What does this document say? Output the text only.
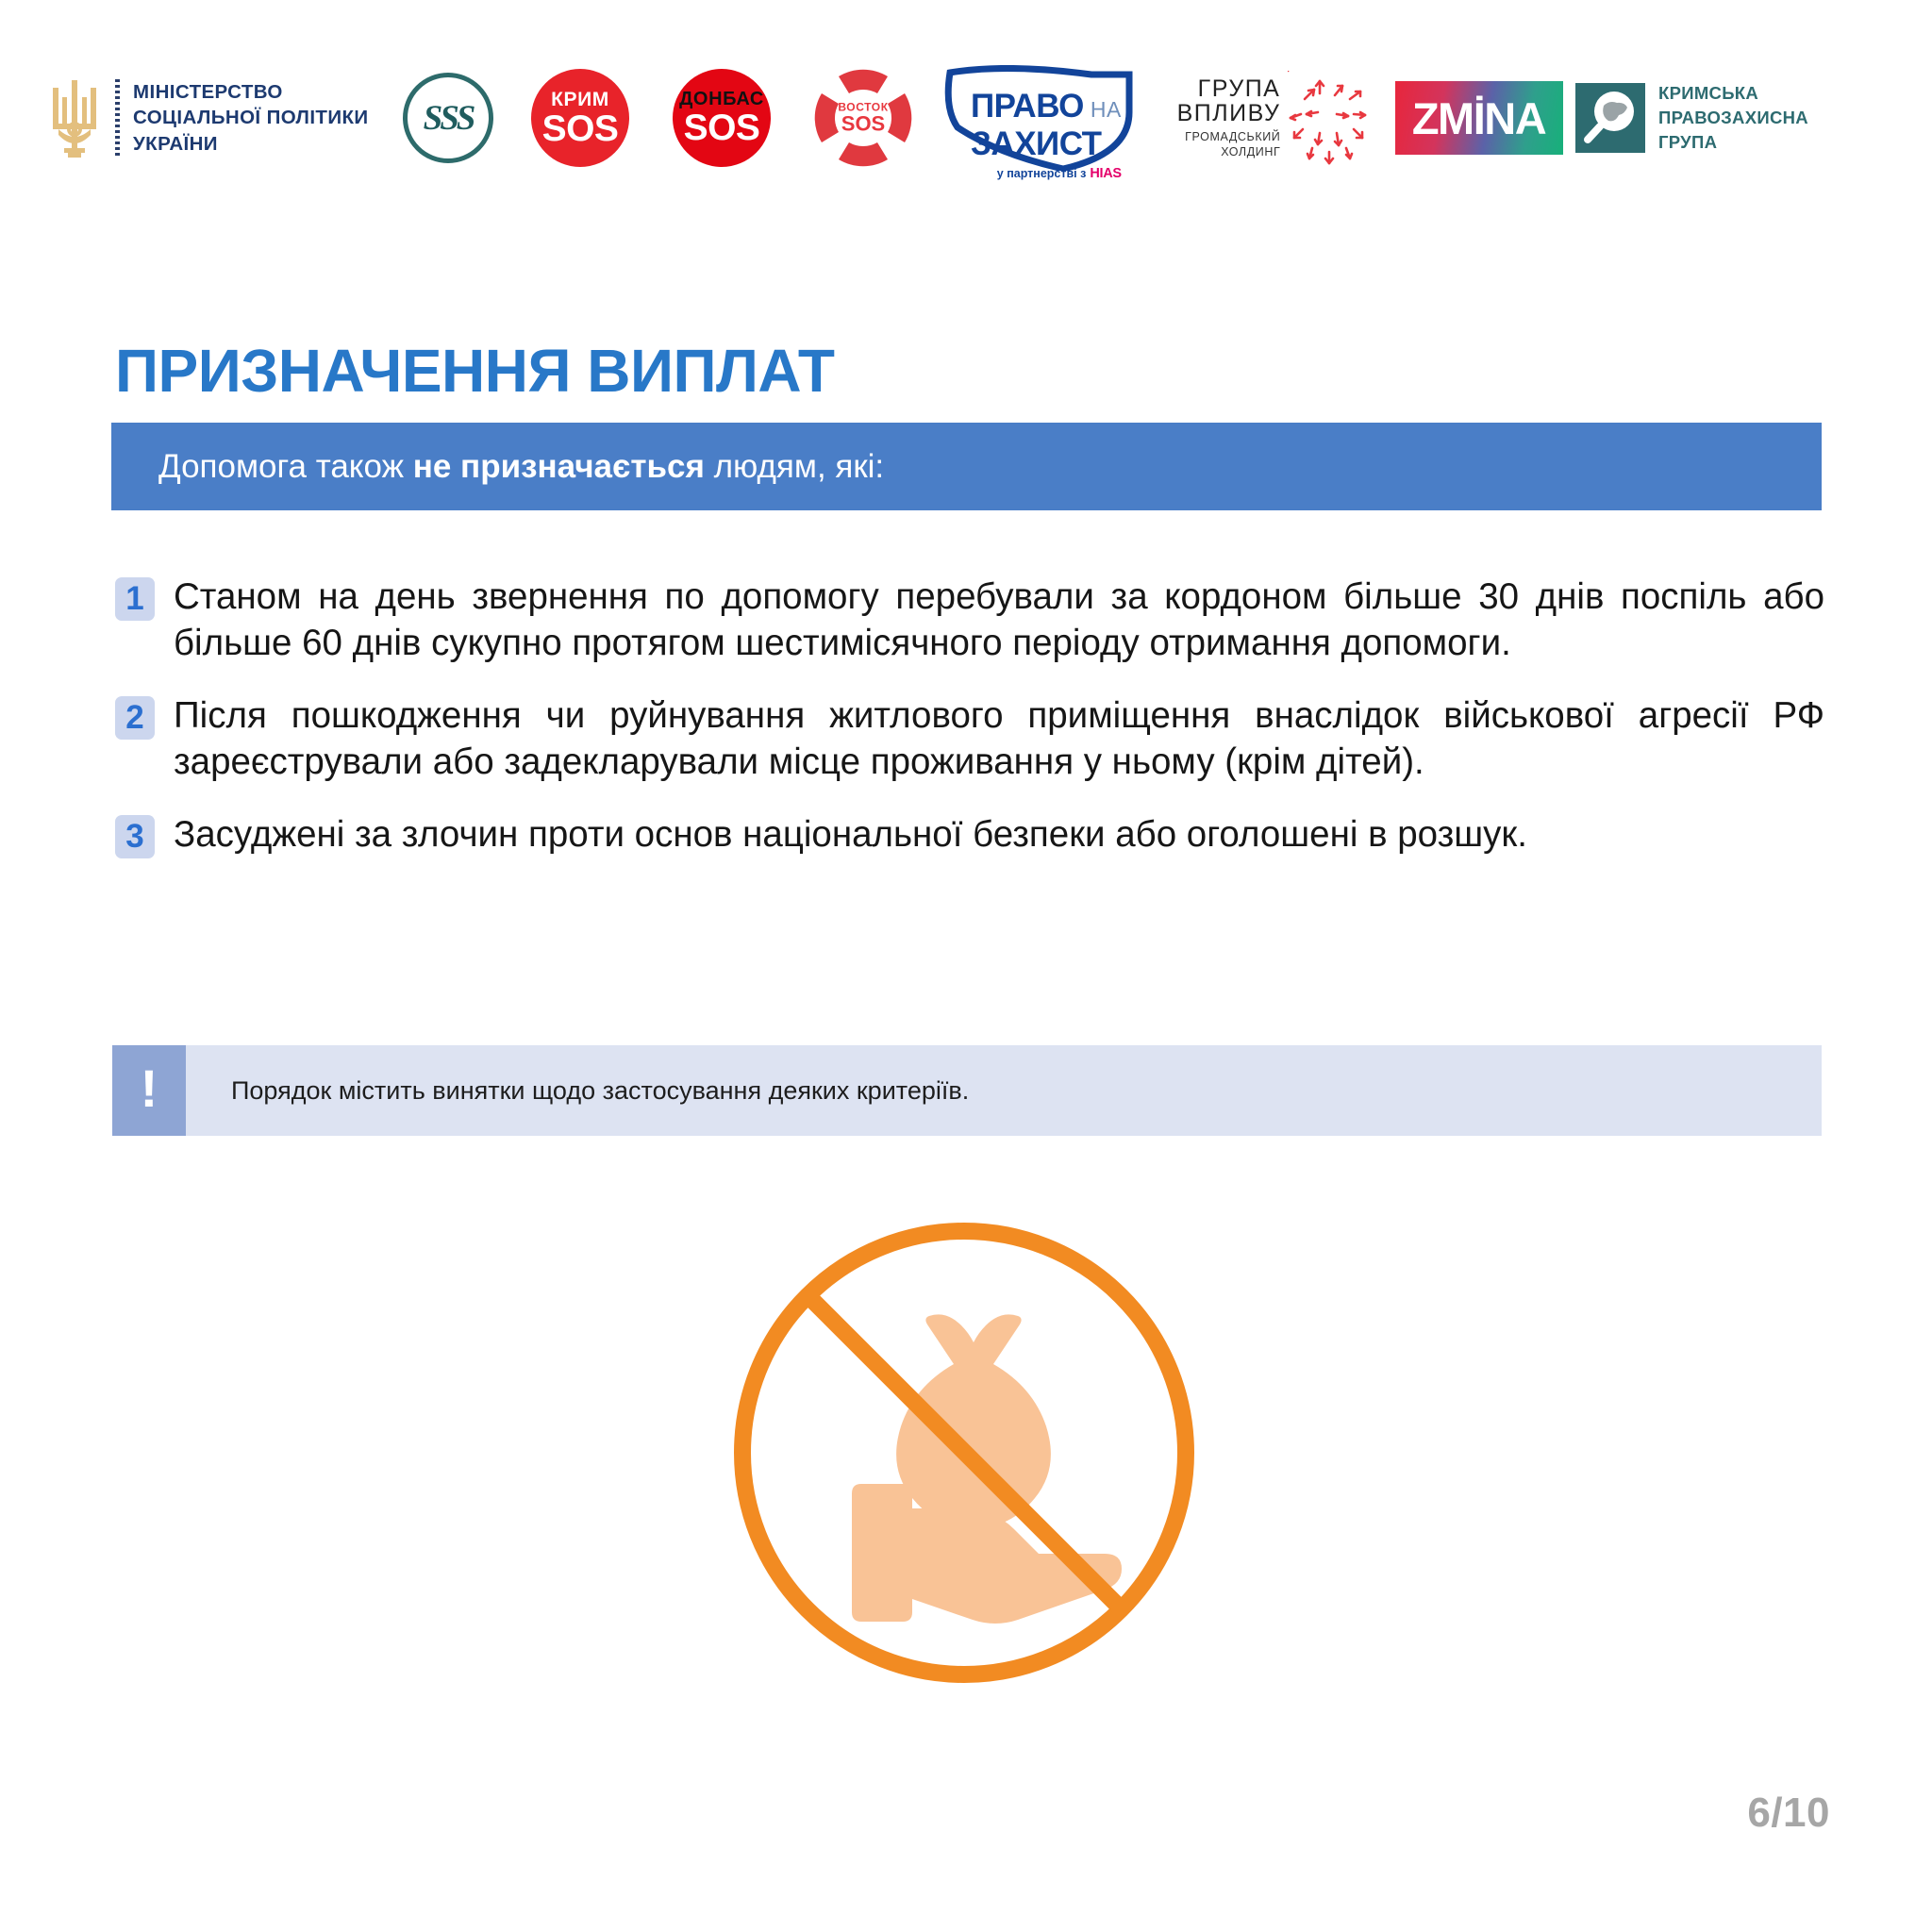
МІНІСТЕРСТВО
СОЦІАЛЬНОЇ ПОЛІТИКИ
УКРАЇНИ
SSS	КРИМ
SOS
ДОНБАС
SOS
ВОСТОК
SOS	ПРАВО НА
ЗАХИСТ
у партнерстві з HIAS
ГРУПА
ВПЛИВУ
ГРОМАДСЬКИЙ
ХОЛДИНГ
ZMİNA
КРИМСЬКА
ПРАВОЗАХИСНА
ГРУПА
ПРИЗНАЧЕННЯ ВИПЛАТ
Допомога також не призначається людям, які:
1 Станом на день звернення по допомогу перебували за кордоном більше 30 днів поспіль або більше 60 днів сукупно протягом шестимісячного періоду отримання допомоги.
2 Після пошкодження чи руйнування житлового приміщення внаслідок військової агресії РФ зареєстрували або задекларували місце проживання у ньому (крім дітей).
3 Засуджені за злочин проти основ національної безпеки або оголошені в розшук.
!	Порядок містить винятки щодо застосування деяких критеріїв.
6/10
